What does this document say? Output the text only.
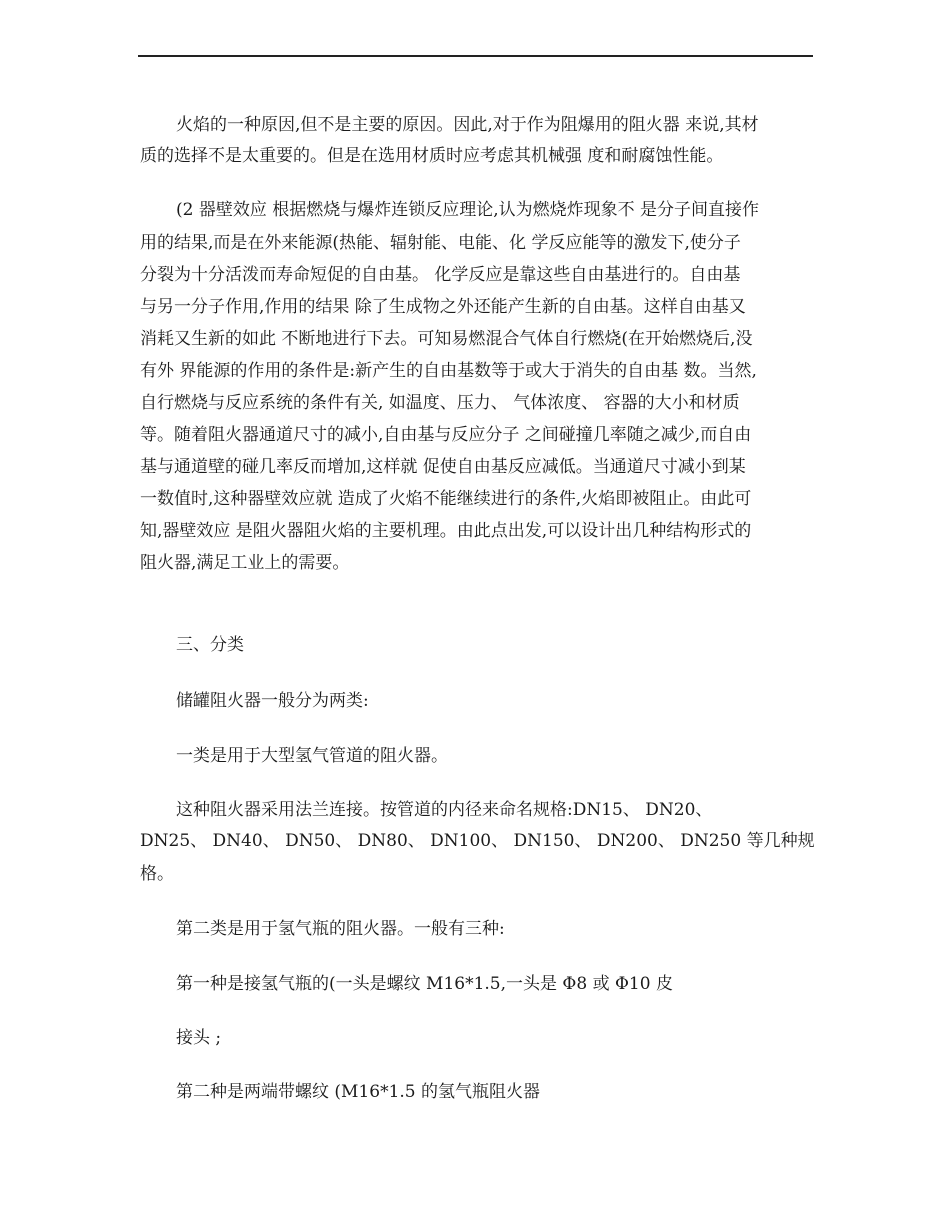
火焰的一种原因,但不是主要的原因。因此,对于作为阻爆用的阻火器 来说,其材
质的选择不是太重要的。但是在选用材质时应考虑其机械强 度和耐腐蚀性能。
(2 器壁效应 根据燃烧与爆炸连锁反应理论,认为燃烧炸现象不 是分子间直接作
用的结果,而是在外来能源(热能、辐射能、电能、化 学反应能等的激发下,使分子
分裂为十分活泼而寿命短促的自由基。 化学反应是靠这些自由基进行的。自由基
与另一分子作用,作用的结果 除了生成物之外还能产生新的自由基。这样自由基又
消耗又生新的如此 不断地进行下去。可知易燃混合气体自行燃烧(在开始燃烧后,没
有外 界能源的作用的条件是:新产生的自由基数等于或大于消失的自由基 数。当然,
自行燃烧与反应系统的条件有关, 如温度、压力、 气体浓度、 容器的大小和材质
等。随着阻火器通道尺寸的减小,自由基与反应分子 之间碰撞几率随之减少,而自由
基与通道壁的碰几率反而增加,这样就 促使自由基反应减低。当通道尺寸减小到某
一数值时,这种器壁效应就 造成了火焰不能继续进行的条件,火焰即被阻止。由此可
知,器壁效应 是阻火器阻火焰的主要机理。由此点出发,可以设计出几种结构形式的
阻火器,满足工业上的需要。
三、分类
储罐阻火器一般分为两类:
一类是用于大型氢气管道的阻火器。
这种阻火器采用法兰连接。按管道的内径来命名规格:DN15、 DN20、
DN25、 DN40、 DN50、 DN80、 DN100、 DN150、 DN200、 DN250 等几种规
格。
第二类是用于氢气瓶的阻火器。一般有三种:
第一种是接氢气瓶的(一头是螺纹 M16*1.5,一头是 Φ8 或 Φ10 皮
接头 ;
第二种是两端带螺纹 (M16*1.5 的氢气瓶阻火器
